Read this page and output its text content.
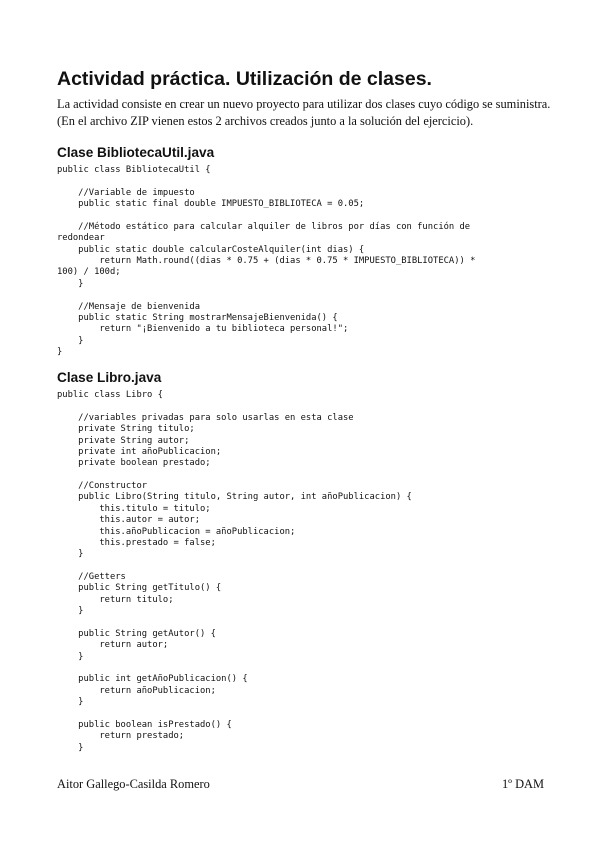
Actividad práctica. Utilización de clases.
La actividad consiste en crear un nuevo proyecto para utilizar dos clases cuyo código se suministra.
(En el archivo ZIP vienen estos 2 archivos creados junto a la solución del ejercicio).
Clase BibliotecaUtil.java
public class BibliotecaUtil {

//Variable de impuesto
public static final double IMPUESTO_BIBLIOTECA = 0.05;

//Método estático para calcular alquiler de libros por días con función de
redondear
public static double calcularCosteAlquiler(int dias) {
return Math.round((dias * 0.75 + (dias * 0.75 * IMPUESTO_BIBLIOTECA)) *
100) / 100d;
}

//Mensaje de bienvenida
public static String mostrarMensajeBienvenida() {
return "¡Bienvenido a tu biblioteca personal!";
}
}
Clase Libro.java
public class Libro {

//variables privadas para solo usarlas en esta clase
private String titulo;
private String autor;
private int añoPublicacion;
private boolean prestado;

//Constructor
public Libro(String titulo, String autor, int añoPublicacion) {
this.titulo = titulo;
this.autor = autor;
this.añoPublicacion = añoPublicacion;
this.prestado = false;
}

//Getters
public String getTitulo() {
return titulo;
}

public String getAutor() {
return autor;
}

public int getAñoPublicacion() {
return añoPublicacion;
}

public boolean isPrestado() {
return prestado;
}
Aitor Gallego-Casilda Romero	1º DAM
